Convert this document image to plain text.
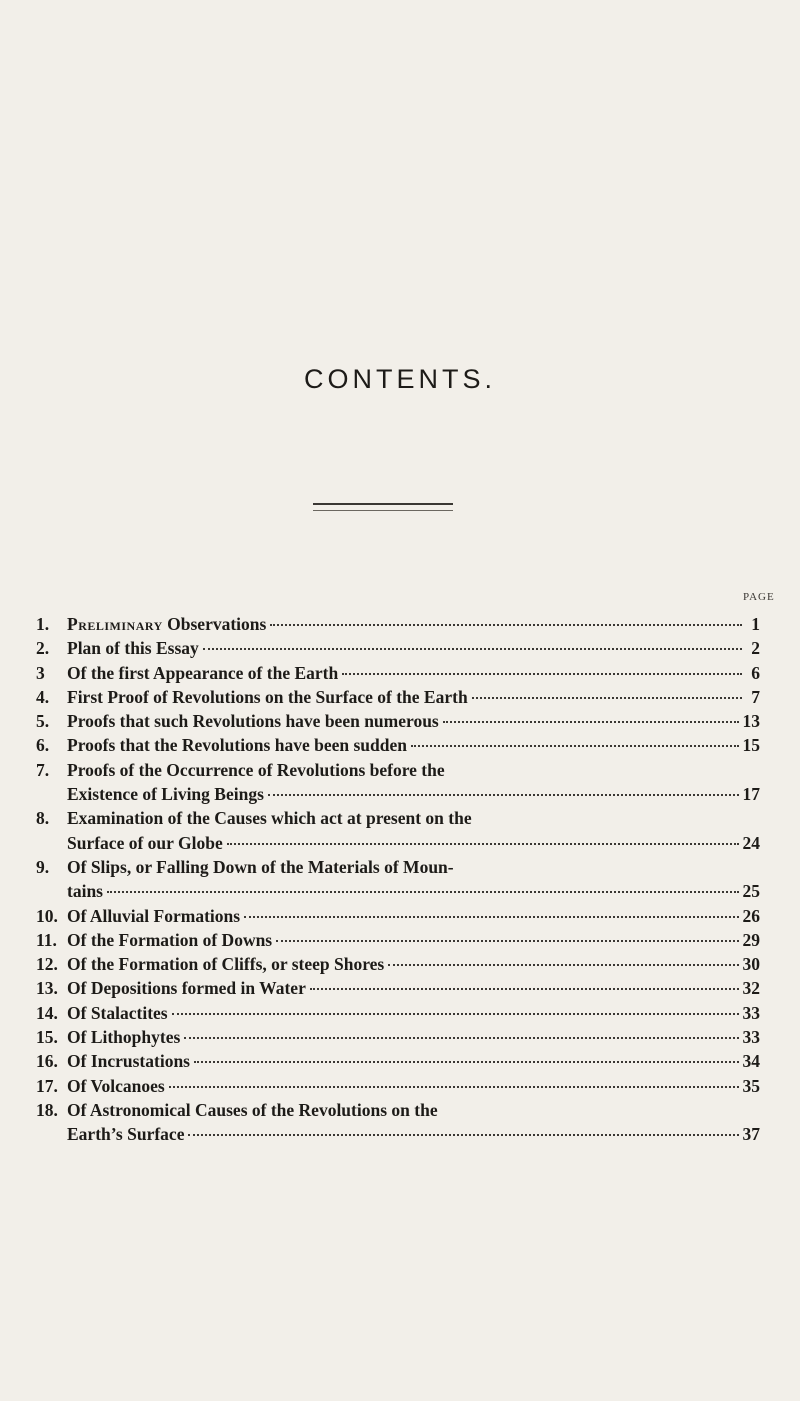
CONTENTS.
PAGE
1.	Preliminary Observations	1
2.	Plan of this Essay	2
3	Of the first Appearance of the Earth	6
4.	First Proof of Revolutions on the Surface of the Earth	7
5.	Proofs that such Revolutions have been numerous	13
6.	Proofs that the Revolutions have been sudden	15
7.	Proofs of the Occurrence of Revolutions before the
Existence of Living Beings	17
8.	Examination of the Causes which act at present on the
Surface of our Globe	24
9.	Of Slips, or Falling Down of the Materials of Moun-
tains	25
10. Of Alluvial Formations	26
11. Of the Formation of Downs	29
12. Of the Formation of Cliffs, or steep Shores	30
13. Of Depositions formed in Water	32
14. Of Stalactites	33
15. Of Lithophytes	33
16. Of Incrustations	34
17. Of Volcanoes	35
18. Of Astronomical Causes of the Revolutions on the
Earth’s Surface	37
